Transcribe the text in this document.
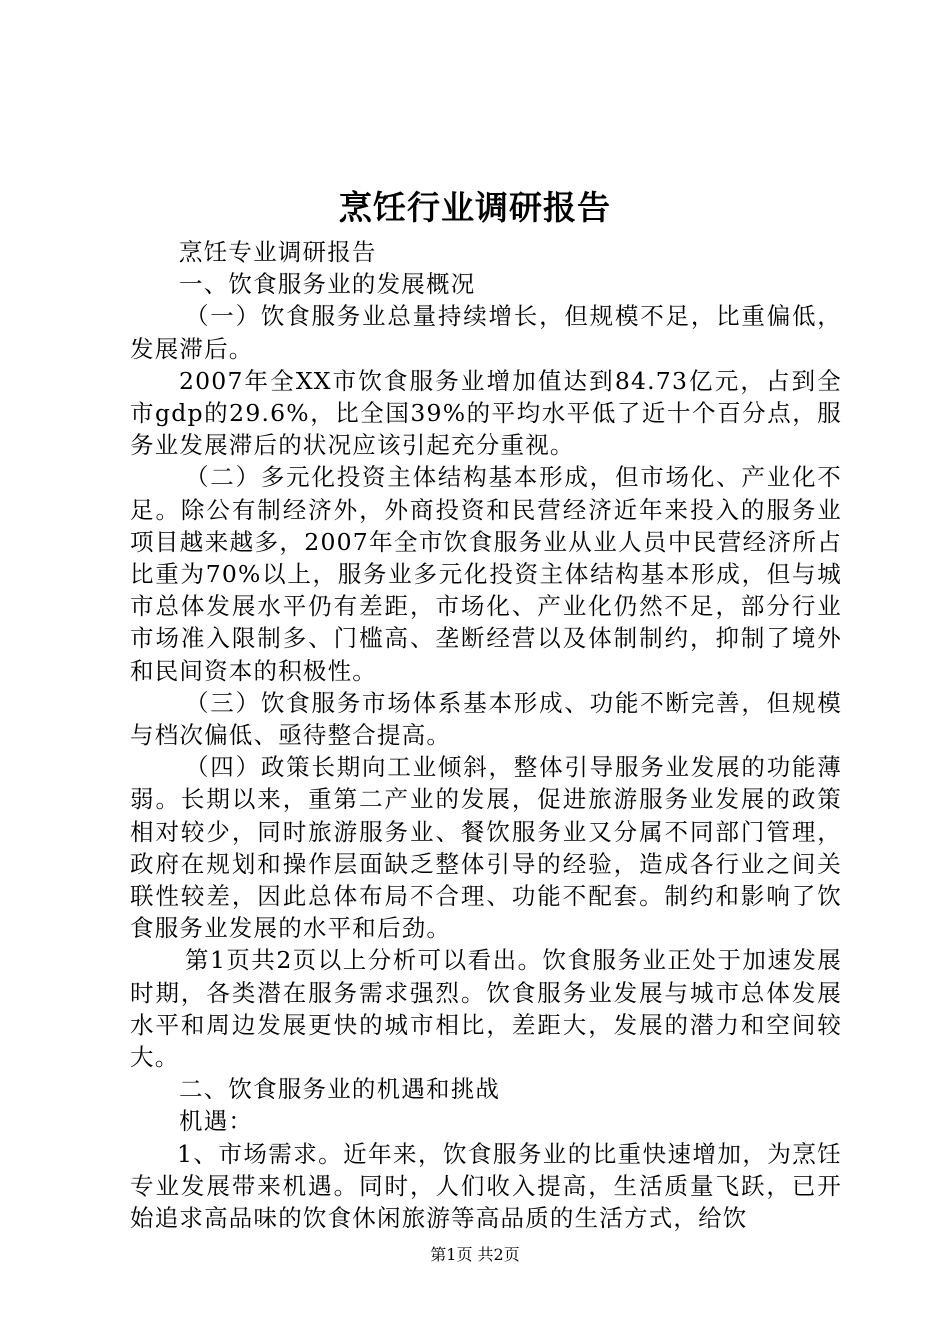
烹饪行业调研报告

烹饪专业调研报告

一、饮食服务业的发展概况

（一）饮食服务业总量持续增长，但规模不足，比重偏低，发展滞后。

2007年全XX市饮食服务业增加值达到84.73亿元，占到全市gdp的29.6%，比全国39%的平均水平低了近十个百分点，服务业发展滞后的状况应该引起充分重视。

（二）多元化投资主体结构基本形成，但市场化、产业化不足。除公有制经济外，外商投资和民营经济近年来投入的服务业项目越来越多，2007年全市饮食服务业从业人员中民营经济所占比重为70%以上，服务业多元化投资主体结构基本形成，但与城市总体发展水平仍有差距，市场化、产业化仍然不足，部分行业市场准入限制多、门槛高、垄断经营以及体制制约，抑制了境外和民间资本的积极性。

（三）饮食服务市场体系基本形成、功能不断完善，但规模与档次偏低、亟待整合提高。

（四）政策长期向工业倾斜，整体引导服务业发展的功能薄弱。长期以来，重第二产业的发展，促进旅游服务业发展的政策相对较少，同时旅游服务业、餐饮服务业又分属不同部门管理，政府在规划和操作层面缺乏整体引导的经验，造成各行业之间关联性较差，因此总体布局不合理、功能不配套。制约和影响了饮食服务业发展的水平和后劲。

第1页共2页以上分析可以看出。饮食服务业正处于加速发展时期，各类潜在服务需求强烈。饮食服务业发展与城市总体发展水平和周边发展更快的城市相比，差距大，发展的潜力和空间较大。

二、饮食服务业的机遇和挑战

机遇：

1、市场需求。近年来，饮食服务业的比重快速增加，为烹饪专业发展带来机遇。同时，人们收入提高，生活质量飞跃，已开始追求高品味的饮食休闲旅游等高品质的生活方式，给饮

第1页 共2页
